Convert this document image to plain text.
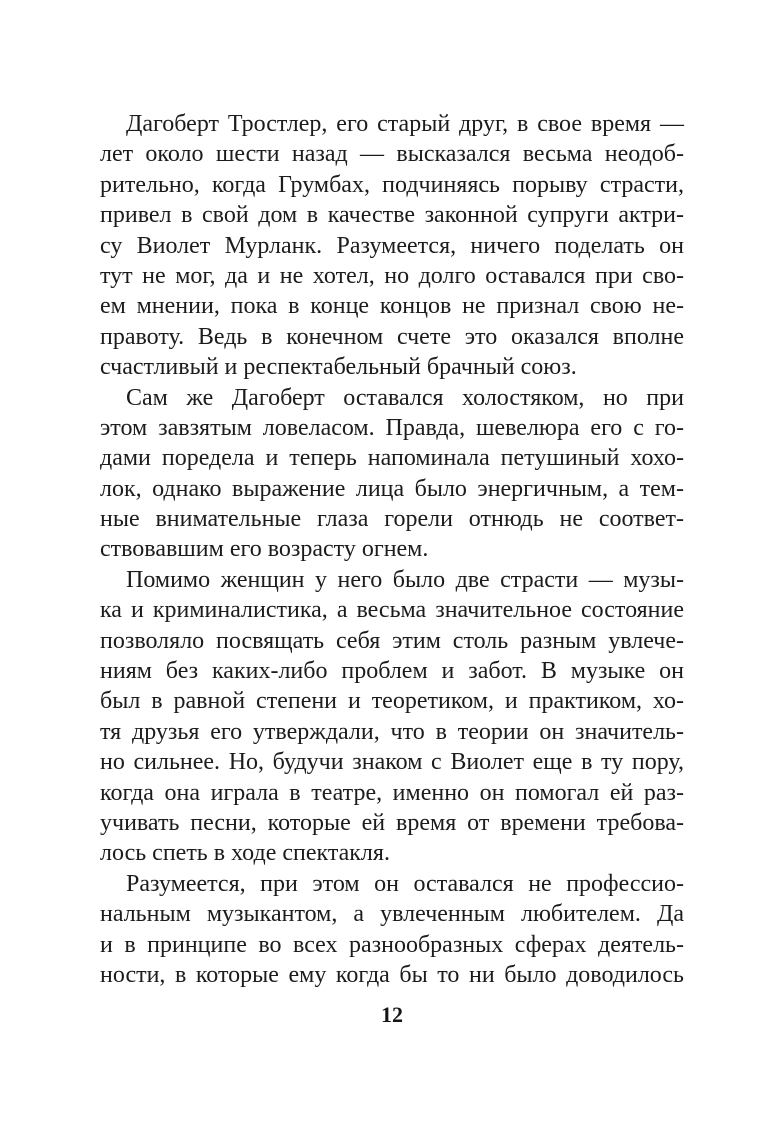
Дагоберт Тростлер, его старый друг, в свое время —
лет около шести назад — высказался весьма неодоб-
рительно, когда Грумбах, подчиняясь порыву страсти,
привел в свой дом в качестве законной супруги актри-
су Виолет Мурланк. Разумеется, ничего поделать он
тут не мог, да и не хотел, но долго оставался при сво-
ем мнении, пока в конце концов не признал свою не-
правоту. Ведь в конечном счете это оказался вполне
счастливый и респектабельный брачный союз.
Сам же Дагоберт оставался холостяком, но при
этом завзятым ловеласом. Правда, шевелюра его с го-
дами поредела и теперь напоминала петушиный хохо-
лок, однако выражение лица было энергичным, а тем-
ные внимательные глаза горели отнюдь не соответ-
ствовавшим его возрасту огнем.
Помимо женщин у него было две страсти — музы-
ка и криминалистика, а весьма значительное состояние
позволяло посвящать себя этим столь разным увлече-
ниям без каких-либо проблем и забот. В музыке он
был в равной степени и теоретиком, и практиком, хо-
тя друзья его утверждали, что в теории он значитель-
но сильнее. Но, будучи знаком с Виолет еще в ту пору,
когда она играла в театре, именно он помогал ей раз-
учивать песни, которые ей время от времени требова-
лось спеть в ходе спектакля.
Разумеется, при этом он оставался не профессио-
нальным музыкантом, а увлеченным любителем. Да
и в принципе во всех разнообразных сферах деятель-
ности, в которые ему когда бы то ни было доводилось
12
